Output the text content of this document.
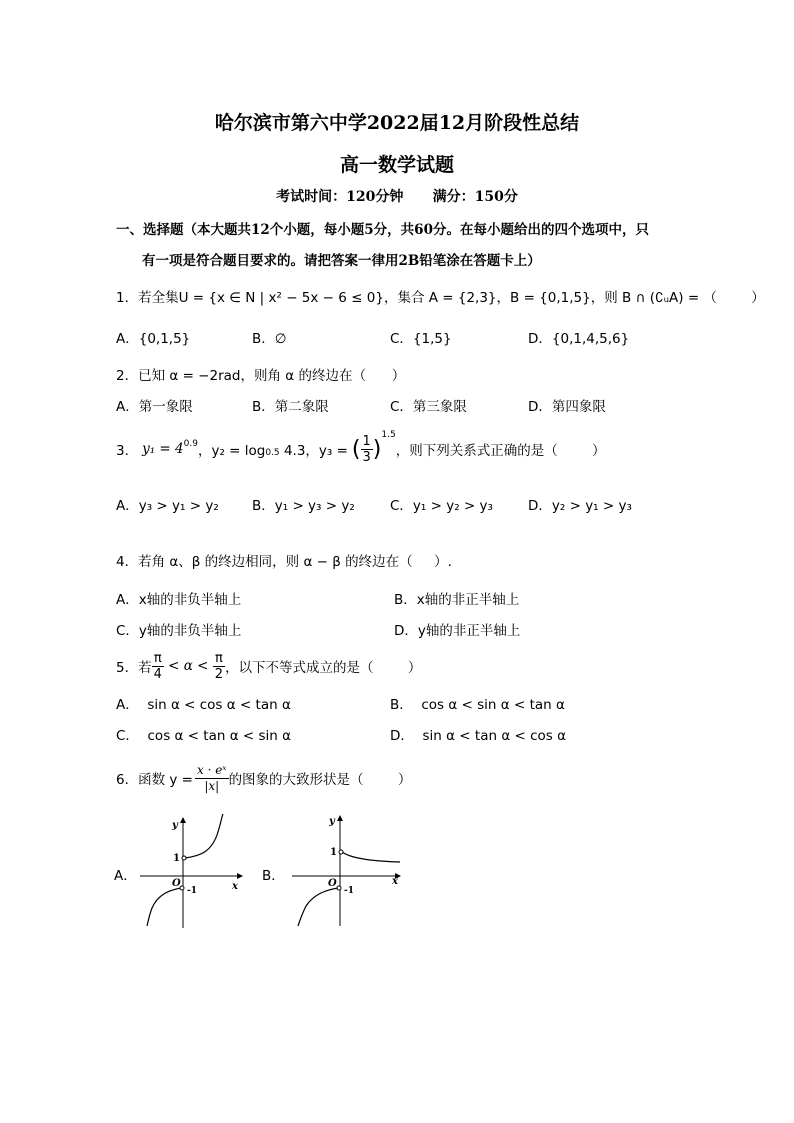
哈尔滨市第六中学2022届12月阶段性总结
高一数学试题
考试时间：120分钟      满分：150分
一、选择题（本大题共12个小题，每小题5分，共60分。在每小题给出的四个选项中，只
有一项是符合题目要求的。请把答案一律用2B铅笔涂在答题卡上）
1．若全集U = {x ∈ N | x² − 5x − 6 ≤ 0}，集合 A = {2,3}，B = {0,1,5}，则 B ∩ (∁ᵤA) = （        ）
A．{0,1,5}	B．∅	C．{1,5}	D．{0,1,4,5,6}
2．已知 α = −2rad，则角 α 的终边在（      ）
A．第一象限	B．第二象限	C．第三象限	D．第四象限
3． $y_1 = 4^{0.9}$ ，$y_2 = \log_{0.5} 4.3$，y₃ = ( $\frac{1}{3}$ )
$^{1.5}$
，则下列关系式正确的是（        ）
A．y₃ > y₁ > y₂ B．y₁ > y₃ > y₂	C．y₁ > y₂ > y₃	D．y₂ > y₁ > y₃
4．若角 α、β 的终边相同，则 α − β 的终边在（     ）.
A．x轴的非负半轴上	B．x轴的非正半轴上
C．y轴的非负半轴上	D．y轴的非正半轴上
5．若 $\frac{\pi}{4} < \alpha < \frac{\pi}{2}$ ，以下不等式成立的是（        ）
A．  sin α < cos α < tan α	B．  cos α < sin α < tan α
C．  cos α < tan α < sin α	D．  sin α < tan α < cos α
6．函数 $y = \frac{\text{x · eˣ}}{|x|}$ 的图象的大致形状是（        ）
A．	B．
y
1
O
-1	x
y
1
O
-1
x
